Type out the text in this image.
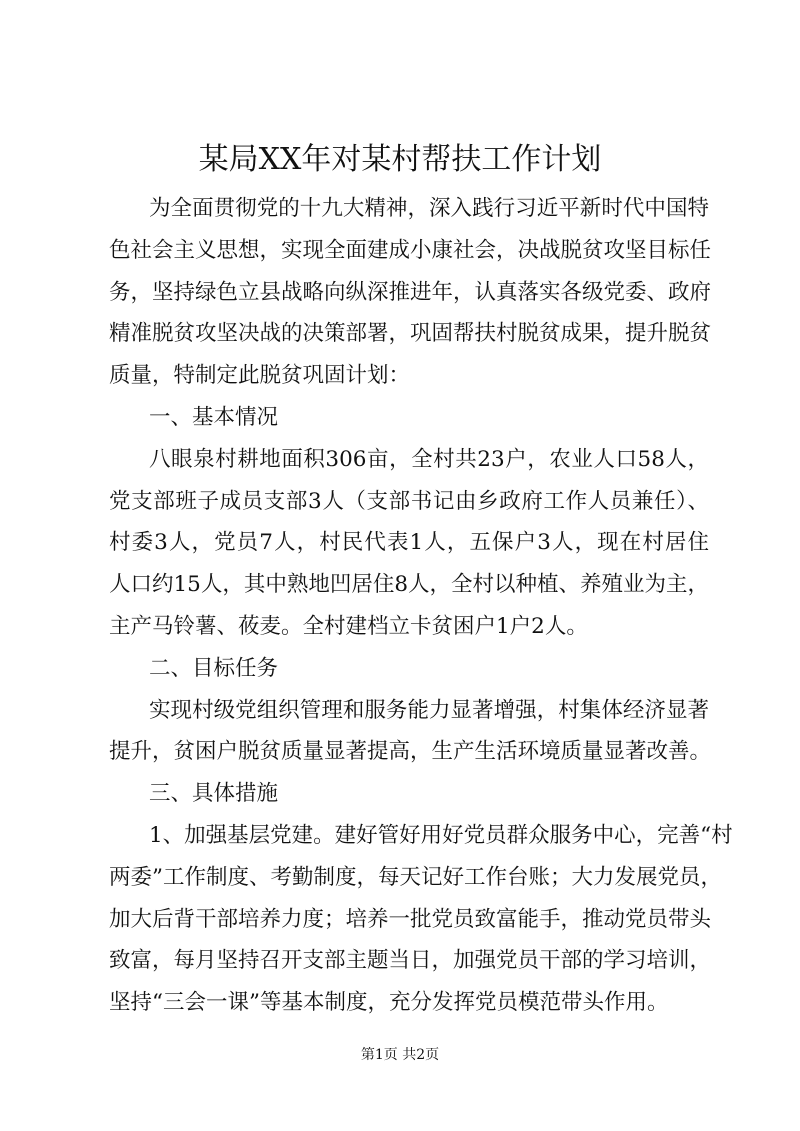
某局XX年对某村帮扶工作计划
为全面贯彻党的十九大精神，深入践行习近平新时代中国特
色社会主义思想，实现全面建成小康社会，决战脱贫攻坚目标任
务，坚持绿色立县战略向纵深推进年，认真落实各级党委、政府
精准脱贫攻坚决战的决策部署，巩固帮扶村脱贫成果，提升脱贫
质量，特制定此脱贫巩固计划：
一、基本情况
八眼泉村耕地面积306亩，全村共23户，农业人口58人，
党支部班子成员支部3人（支部书记由乡政府工作人员兼任）、
村委3人，党员7人，村民代表1人，五保户3人，现在村居住
人口约15人，其中熟地凹居住8人，全村以种植、养殖业为主，
主产马铃薯、莜麦。全村建档立卡贫困户1户2人。
二、目标任务
实现村级党组织管理和服务能力显著增强，村集体经济显著
提升，贫困户脱贫质量显著提高，生产生活环境质量显著改善。
三、具体措施
1、加强基层党建。建好管好用好党员群众服务中心，完善“村
两委”工作制度、考勤制度，每天记好工作台账；大力发展党员，
加大后背干部培养力度；培养一批党员致富能手，推动党员带头
致富，每月坚持召开支部主题当日，加强党员干部的学习培训，
坚持“三会一课”等基本制度，充分发挥党员模范带头作用。
第1页 共2页
